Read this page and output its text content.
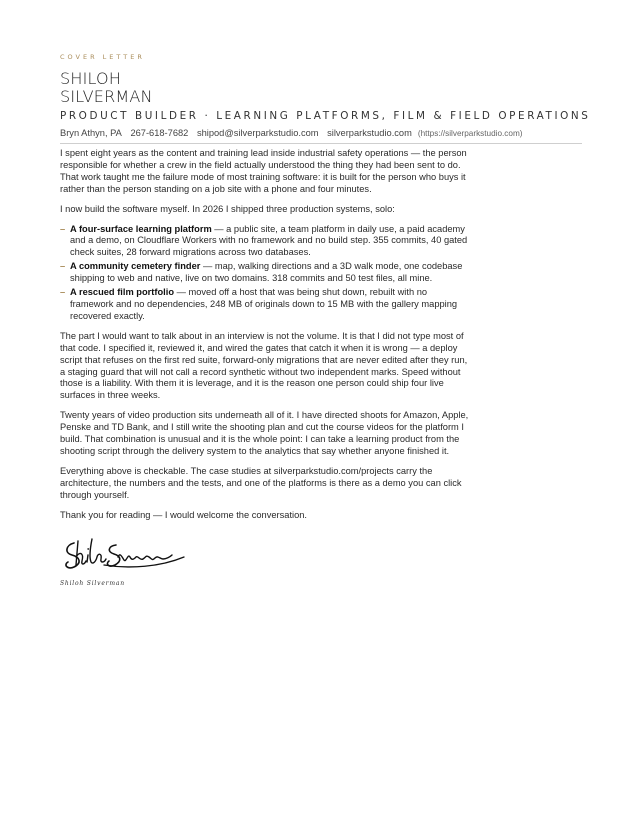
COVER LETTER
SHILOH
SILVERMAN
PRODUCT BUILDER · LEARNING PLATFORMS, FILM & FIELD OPERATIONS
Bryn Athyn, PA 267-618-7682 shipod@silverparkstudio.com silverparkstudio.com (https://silverparkstudio.com)

I spent eight years as the content and training lead inside industrial safety operations — the person responsible for whether a crew in the field actually understood the thing they had been sent to do. That work taught me the failure mode of most training software: it is built for the person who buys it rather than the person standing on a job site with a phone and four minutes.

I now build the software myself. In 2026 I shipped three production systems, solo:

– A four-surface learning platform — a public site, a team platform in daily use, a paid academy and a demo, on Cloudflare Workers with no framework and no build step. 355 commits, 40 gated check suites, 28 forward migrations across two databases.
– A community cemetery finder — map, walking directions and a 3D walk mode, one codebase shipping to web and native, live on two domains. 318 commits and 50 test files, all mine.
– A rescued film portfolio — moved off a host that was being shut down, rebuilt with no framework and no dependencies, 248 MB of originals down to 15 MB with the gallery mapping recovered exactly.

The part I would want to talk about in an interview is not the volume. It is that I did not type most of that code. I specified it, reviewed it, and wired the gates that catch it when it is wrong — a deploy script that refuses on the first red suite, forward-only migrations that are never edited after they run, a staging guard that will not call a record synthetic without two independent marks. Speed without those is a liability. With them it is leverage, and it is the reason one person could ship four live surfaces in three weeks.

Twenty years of video production sits underneath all of it. I have directed shoots for Amazon, Apple, Penske and TD Bank, and I still write the shooting plan and cut the course videos for the platform I build. That combination is unusual and it is the whole point: I can take a learning product from the shooting script through the delivery system to the analytics that say whether anyone finished it.

Everything above is checkable. The case studies at silverparkstudio.com/projects carry the architecture, the numbers and the tests, and one of the platforms is there as a demo you can click through yourself.

Thank you for reading — I would welcome the conversation.

Shiloh Silverman
